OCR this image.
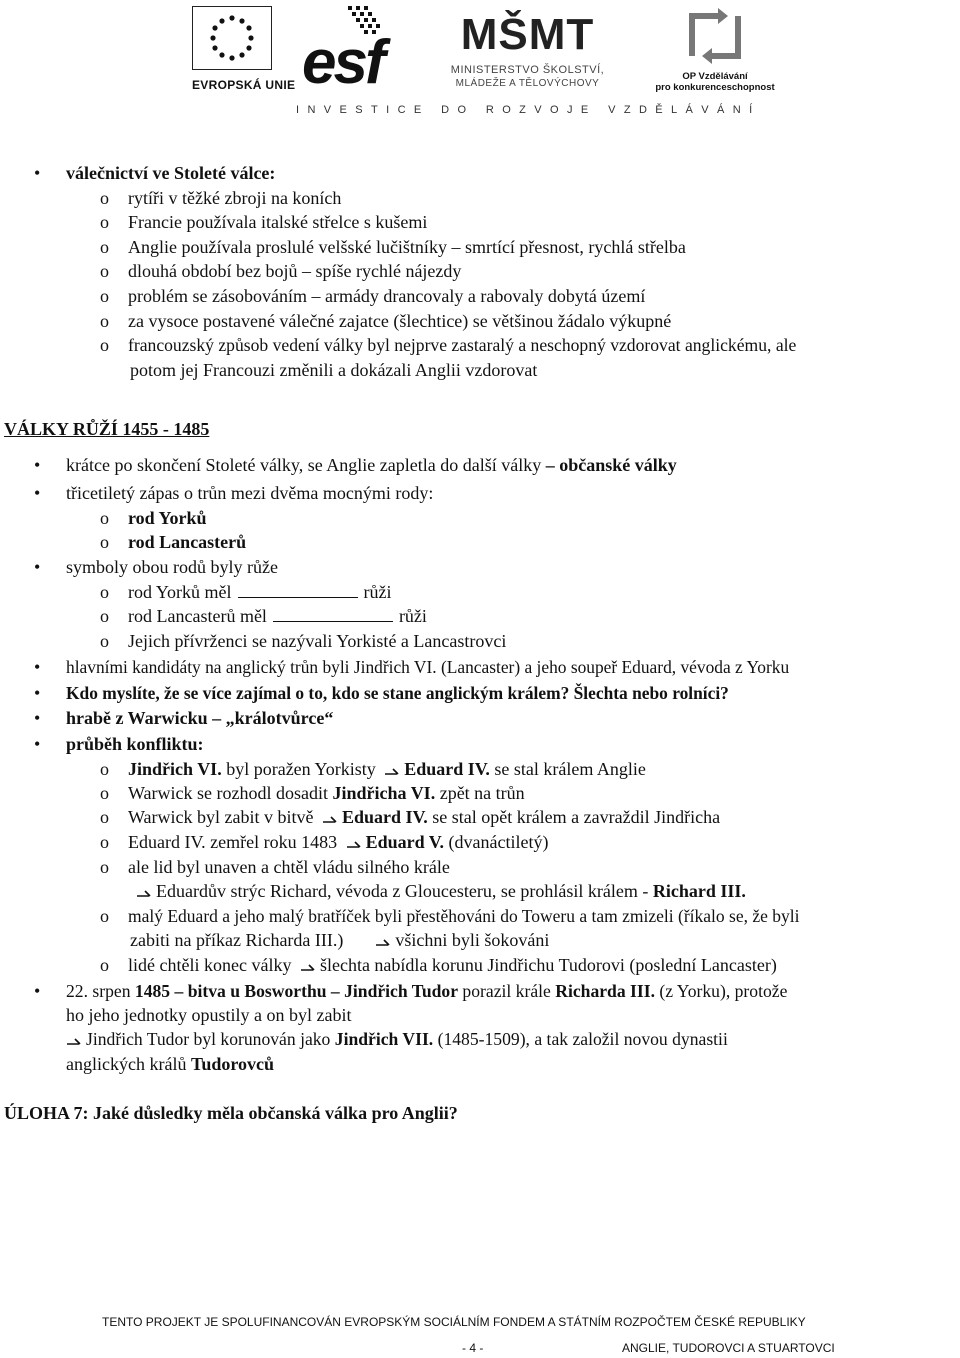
EVROPSKÁ UNIE esf	MŠMT
MINISTERSTVO ŠKOLSTVÍ,
MLÁDEŽE A TĚLOVÝCHOVY
OP Vzdělávání
pro konkurenceschopnost
INVESTICE DO ROZVOJE VZDĚLÁVÁNÍ
• válečnictví ve Stoleté válce:
o rytíři v těžké zbroji na koních
o Francie používala italské střelce s kušemi
o Anglie používala proslulé velšské lučištníky – smrtící přesnost, rychlá střelba
o dlouhá období bez bojů – spíše rychlé nájezdy
o problém se zásobováním – armády drancovaly a rabovaly dobytá území
o za vysoce postavené válečné zajatce (šlechtice) se většinou žádalo výkupné
o francouzský způsob vedení války byl nejprve zastaralý a neschopný vzdorovat anglickému, ale
potom jej Francouzi změnili a dokázali Anglii vzdorovat
VÁLKY RŮŽÍ 1455 - 1485
• krátce po skončení Stoleté války, se Anglie zapletla do další války – občanské války
• třicetiletý zápas o trůn mezi dvěma mocnými rody:
o rod Yorků
o rod Lancasterů
• symboly obou rodů byly růže
o rod Yorků měl	růži
o rod Lancasterů měl	růži
o Jejich přívrženci se nazývali Yorkisté a Lancastrovci
• hlavními kandidáty na anglický trůn byli Jindřich VI. (Lancaster) a jeho soupeř Eduard, vévoda z Yorku
• Kdo myslíte, že se více zajímal o to, kdo se stane anglickým králem? Šlechta nebo rolníci?
• hrabě z Warwicku – „králotvůrce“
• průběh konfliktu:
o Jindřich VI. byl poražen Yorkisty Eduard IV. se stal králem Anglie
o Warwick se rozhodl dosadit Jindřicha VI. zpět na trůn
o Warwick byl zabit v bitvě Eduard IV. se stal opět králem a zavraždil Jindřicha
o Eduard IV. zemřel roku 1483 Eduard V. (dvanáctiletý)
o ale lid byl unaven a chtěl vládu silného krále
Eduardův strýc Richard, vévoda z Gloucesteru, se prohlásil králem - Richard III.
o malý Eduard a jeho malý bratříček byli přestěhováni do Toweru a tam zmizeli (říkalo se, že byli
zabiti na příkaz Richarda III.)	všichni byli šokováni
o lidé chtěli konec války šlechta nabídla korunu Jindřichu Tudorovi (poslední Lancaster)
• 22. srpen 1485 – bitva u Bosworthu – Jindřich Tudor porazil krále Richarda III. (z Yorku), protože
ho jeho jednotky opustily a on byl zabit
Jindřich Tudor byl korunován jako Jindřich VII. (1485-1509), a tak založil novou dynastii
anglických králů Tudorovců
ÚLOHA 7: Jaké důsledky měla občanská válka pro Anglii?
TENTO PROJEKT JE SPOLUFINANCOVÁN EVROPSKÝM SOCIÁLNÍM FONDEM A STÁTNÍM ROZPOČTEM ČESKÉ REPUBLIKY
- 4 -	ANGLIE, TUDOROVCI A STUARTOVCI
